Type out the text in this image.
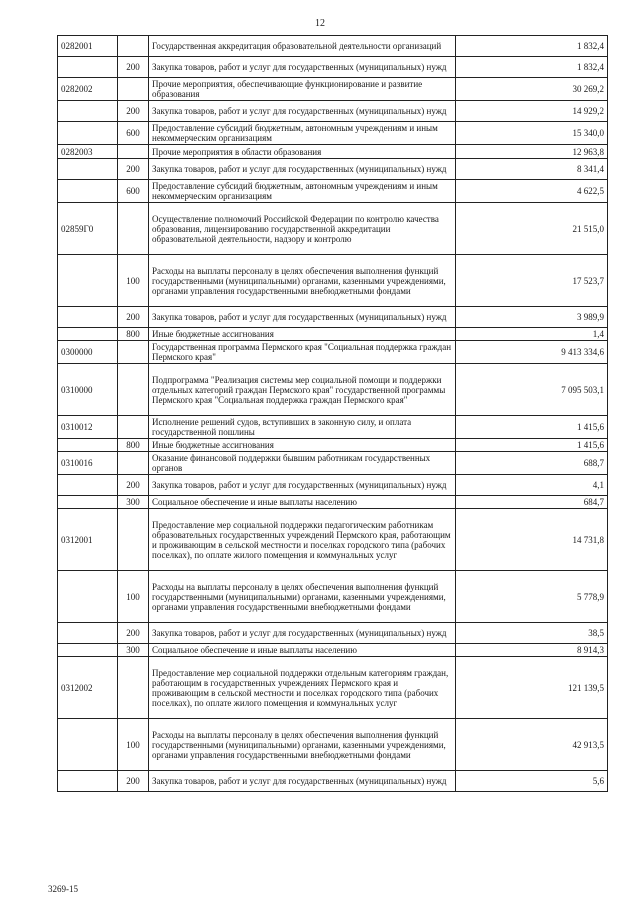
12
0282001		Государственная аккредитация образовательной деятельности организаций	1 832,4
	200	Закупка товаров, работ и услуг для государственных (муниципальных) нужд	1 832,4
0282002		Прочие мероприятия, обеспечивающие функционирование и развитие образования	30 269,2
	200	Закупка товаров, работ и услуг для государственных (муниципальных) нужд	14 929,2
	600	Предоставление субсидий бюджетным, автономным учреждениям и иным некоммерческим организациям	15 340,0
0282003		Прочие мероприятия в области образования	12 963,8
	200	Закупка товаров, работ и услуг для государственных (муниципальных) нужд	8 341,4
	600	Предоставление субсидий бюджетным, автономным учреждениям и иным некоммерческим организациям	4 622,5
02859Г0		Осуществление полномочий Российской Федерации по контролю качества образования, лицензированию государственной аккредитации образовательной деятельности, надзору и контролю	21 515,0
	100	Расходы на выплаты персоналу в целях обеспечения выполнения функций государственными (муниципальными) органами, казенными учреждениями, органами управления государственными внебюджетными фондами	17 523,7
	200	Закупка товаров, работ и услуг для государственных (муниципальных) нужд	3 989,9
	800	Иные бюджетные ассигнования	1,4
0300000		Государственная программа Пермского края "Социальная поддержка граждан Пермского края"	9 413 334,6
0310000		Подпрограмма "Реализация системы мер социальной помощи и поддержки отдельных категорий граждан Пермского края" государственной программы Пермского края "Социальная поддержка граждан Пермского края"	7 095 503,1
0310012		Исполнение решений судов, вступивших в законную силу, и оплата государственной пошлины	1 415,6
	800	Иные бюджетные ассигнования	1 415,6
0310016		Оказание финансовой поддержки бывшим работникам государственных органов	688,7
	200	Закупка товаров, работ и услуг для государственных (муниципальных) нужд	4,1
	300	Социальное обеспечение и иные выплаты населению	684,7
0312001		Предоставление мер социальной поддержки педагогическим работникам образовательных государственных учреждений Пермского края, работающим и проживающим в сельской местности и поселках городского типа (рабочих поселках), по оплате жилого помещения и коммунальных услуг	14 731,8
	100	Расходы на выплаты персоналу в целях обеспечения выполнения функций государственными (муниципальными) органами, казенными учреждениями, органами управления государственными внебюджетными фондами	5 778,9
	200	Закупка товаров, работ и услуг для государственных (муниципальных) нужд	38,5
	300	Социальное обеспечение и иные выплаты населению	8 914,3
0312002		Предоставление мер социальной поддержки отдельным категориям граждан, работающим в государственных учреждениях Пермского края и проживающим в сельской местности и поселках городского типа (рабочих поселках), по оплате жилого помещения и коммунальных услуг	121 139,5
	100	Расходы на выплаты персоналу в целях обеспечения выполнения функций государственными (муниципальными) органами, казенными учреждениями, органами управления государственными внебюджетными фондами	42 913,5
	200	Закупка товаров, работ и услуг для государственных (муниципальных) нужд	5,6
3269-15
